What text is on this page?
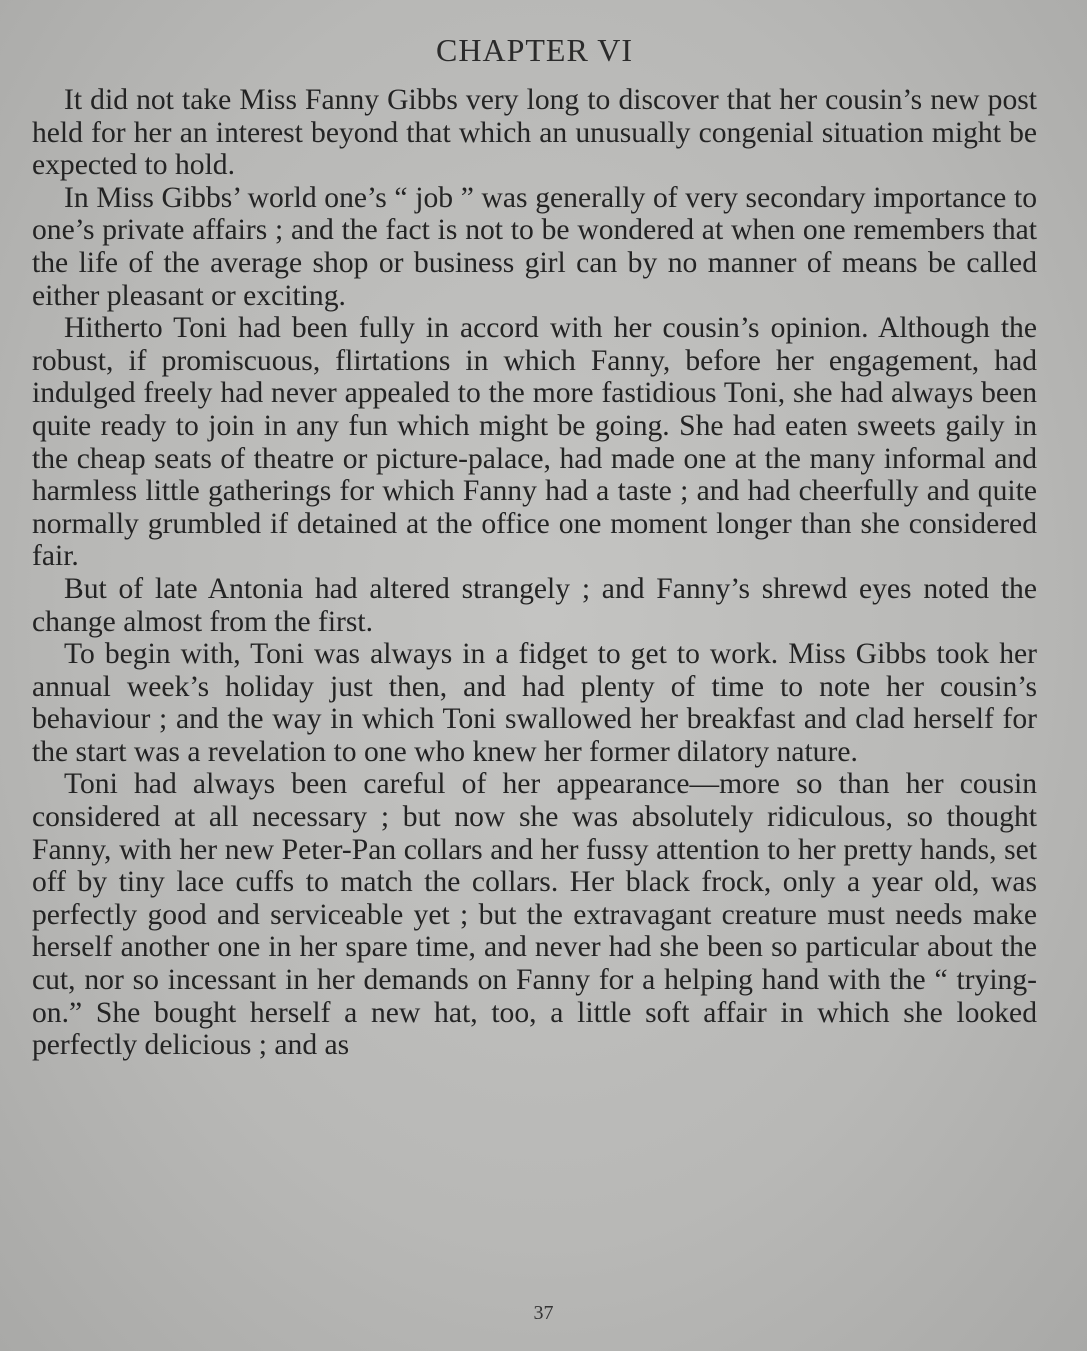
CHAPTER VI

It did not take Miss Fanny Gibbs very long to discover that her cousin’s new post held for her an interest beyond that which an unusually congenial situation might be expected to hold.

In Miss Gibbs’ world one’s “ job ” was generally of very secondary importance to one’s private affairs ; and the fact is not to be wondered at when one remembers that the life of the average shop or business girl can by no manner of means be called either pleasant or exciting.

Hitherto Toni had been fully in accord with her cousin’s opinion. Although the robust, if promiscuous, flirtations in which Fanny, before her engagement, had indulged freely had never appealed to the more fastidious Toni, she had always been quite ready to join in any fun which might be going. She had eaten sweets gaily in the cheap seats of theatre or picture-palace, had made one at the many informal and harmless little gatherings for which Fanny had a taste ; and had cheerfully and quite normally grumbled if detained at the office one moment longer than she considered fair.

But of late Antonia had altered strangely ; and Fanny’s shrewd eyes noted the change almost from the first.

To begin with, Toni was always in a fidget to get to work. Miss Gibbs took her annual week’s holiday just then, and had plenty of time to note her cousin’s behaviour ; and the way in which Toni swallowed her breakfast and clad herself for the start was a revelation to one who knew her former dilatory nature.

Toni had always been careful of her appearance—more so than her cousin considered at all necessary ; but now she was absolutely ridiculous, so thought Fanny, with her new Peter-Pan collars and her fussy attention to her pretty hands, set off by tiny lace cuffs to match the collars. Her black frock, only a year old, was perfectly good and serviceable yet ; but the extravagant creature must needs make herself another one in her spare time, and never had she been so particular about the cut, nor so incessant in her demands on Fanny for a helping hand with the “ trying-on.” She bought herself a new hat, too, a little soft affair in which she looked perfectly delicious ; and as

37
